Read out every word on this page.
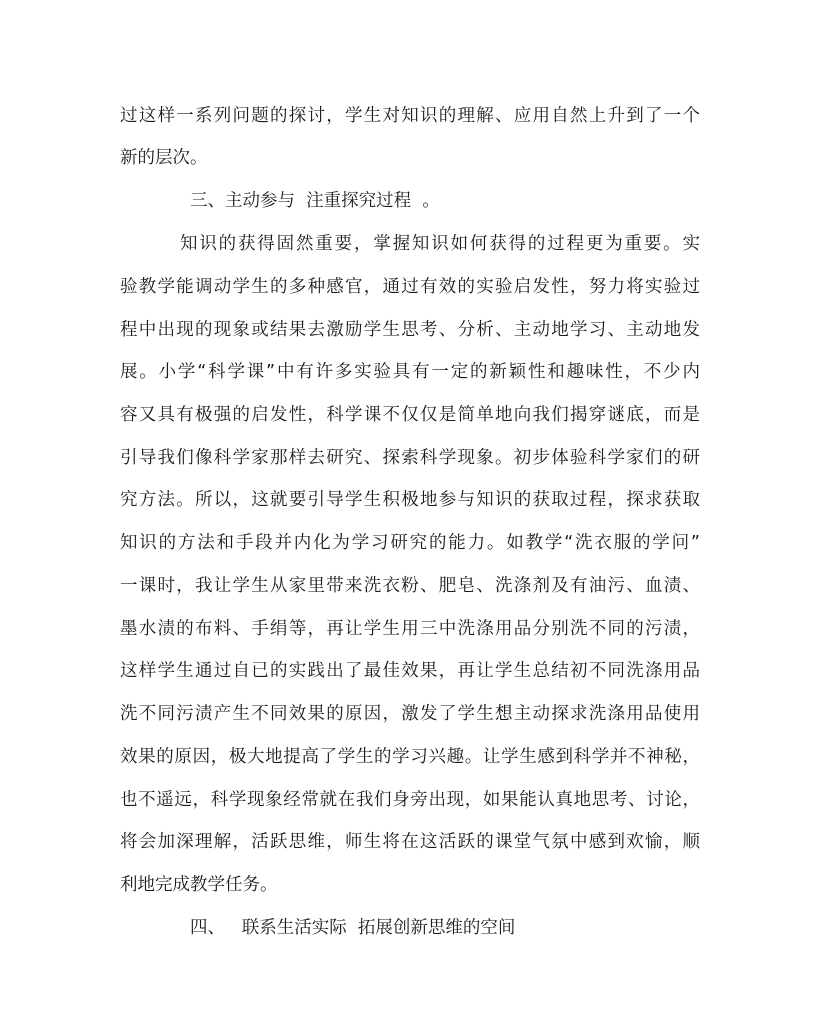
过这样一系列问题的探讨，学生对知识的理解、应用自然上升到了一个
新的层次。
三、主动参与  注重探究过程  。
知识的获得固然重要，掌握知识如何获得的过程更为重要。实
验教学能调动学生的多种感官，通过有效的实验启发性，努力将实验过
程中出现的现象或结果去激励学生思考、分析、主动地学习、主动地发
展。小学“科学课”中有许多实验具有一定的新颖性和趣味性，不少内
容又具有极强的启发性，科学课不仅仅是简单地向我们揭穿谜底，而是
引导我们像科学家那样去研究、探索科学现象。初步体验科学家们的研
究方法。所以，这就要引导学生积极地参与知识的获取过程，探求获取
知识的方法和手段并内化为学习研究的能力。如教学“洗衣服的学问”
一课时，我让学生从家里带来洗衣粉、肥皂、洗涤剂及有油污、血渍、
墨水渍的布料、手绢等，再让学生用三中洗涤用品分别洗不同的污渍，
这样学生通过自已的实践出了最佳效果，再让学生总结初不同洗涤用品
洗不同污渍产生不同效果的原因，激发了学生想主动探求洗涤用品使用
效果的原因，极大地提高了学生的学习兴趣。让学生感到科学并不神秘，
也不遥远，科学现象经常就在我们身旁出现，如果能认真地思考、讨论，
将会加深理解，活跃思维，师生将在这活跃的课堂气氛中感到欢愉，顺
利地完成教学任务。
四、   联系生活实际  拓展创新思维的空间
